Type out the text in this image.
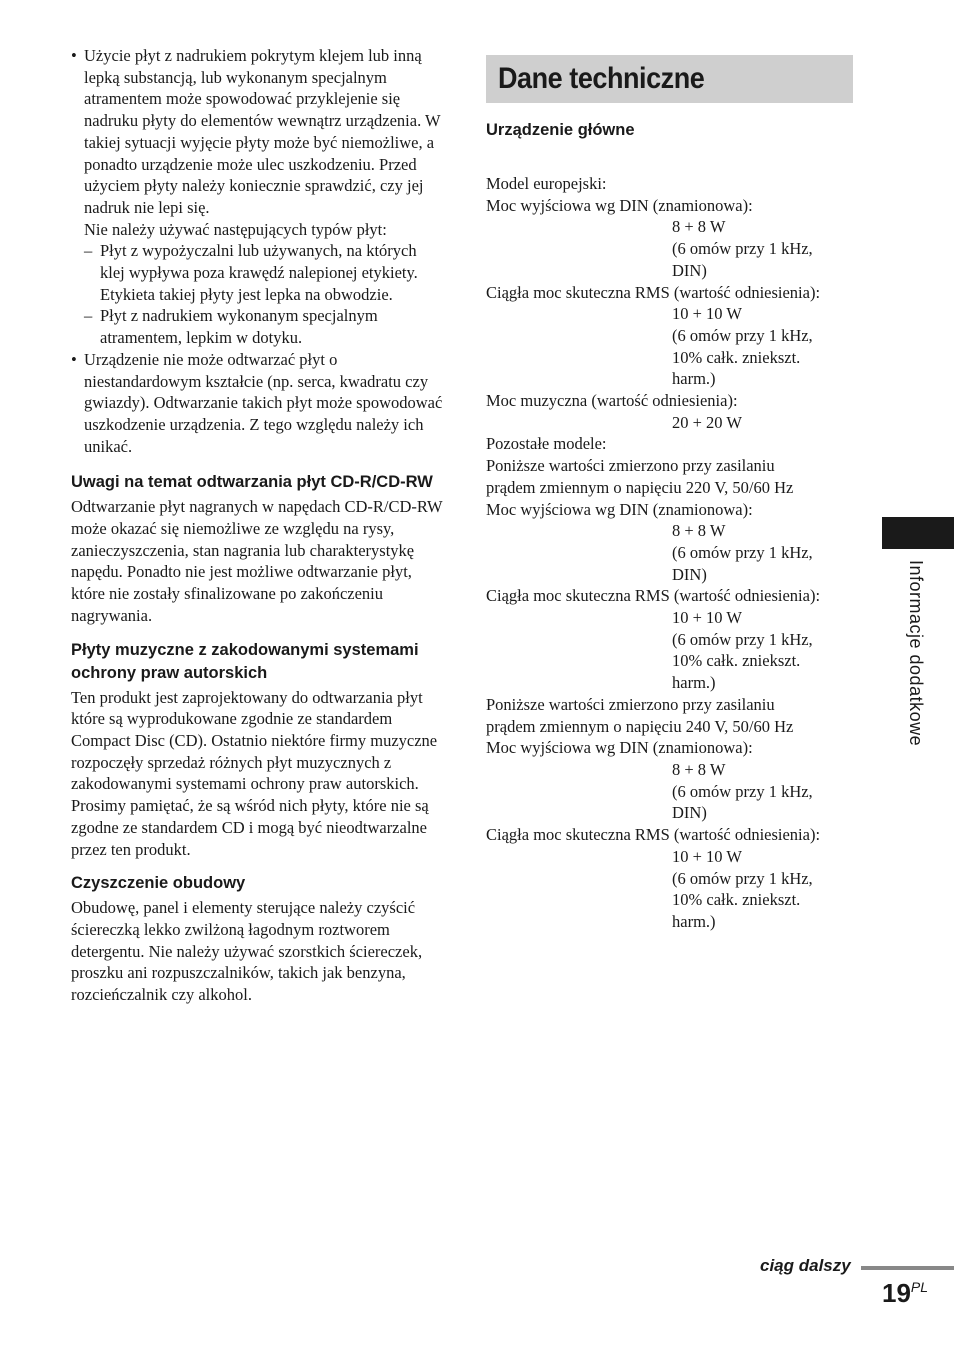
• Użycie płyt z nadrukiem pokrytym klejem lub inną lepką substancją, lub wykonanym specjalnym atramentem może spowodować przyklejenie się nadruku płyty do elementów wewnątrz urządzenia. W takiej sytuacji wyjęcie płyty może być niemożliwe, a ponadto urządzenie może ulec uszkodzeniu. Przed użyciem płyty należy koniecznie sprawdzić, czy jej nadruk nie lepi się.

Nie należy używać następujących typów płyt:

– Płyt z wypożyczalni lub używanych, na których klej wypływa poza krawędź nalepionej etykiety. Etykieta takiej płyty jest lepka na obwodzie.

– Płyt z nadrukiem wykonanym specjalnym atramentem, lepkim w dotyku.

• Urządzenie nie może odtwarzać płyt o niestandardowym kształcie (np. serca, kwadratu czy gwiazdy). Odtwarzanie takich płyt może spowodować uszkodzenie urządzenia. Z tego względu należy ich unikać.

Uwagi na temat odtwarzania płyt CD-R/CD-RW

Odtwarzanie płyt nagranych w napędach CD-R/CD-RW może okazać się niemożliwe ze względu na rysy, zanieczyszczenia, stan nagrania lub charakterystykę napędu. Ponadto nie jest możliwe odtwarzanie płyt, które nie zostały sfinalizowane po zakończeniu nagrywania.

Płyty muzyczne z zakodowanymi systemami ochrony praw autorskich

Ten produkt jest zaprojektowany do odtwarzania płyt które są wyprodukowane zgodnie ze standardem Compact Disc (CD). Ostatnio niektóre firmy muzyczne rozpoczęły sprzedaż różnych płyt muzycznych z zakodowanymi systemami ochrony praw autorskich. Prosimy pamiętać, że są wśród nich płyty, które nie są zgodne ze standardem CD i mogą być nieodtwarzalne przez ten produkt.

Czyszczenie obudowy

Obudowę, panel i elementy sterujące należy czyścić ściereczką lekko zwilżoną łagodnym roztworem detergentu. Nie należy używać szorstkich ściereczek, proszku ani rozpuszczalników, takich jak benzyna, rozcieńczalnik czy alkohol.

Dane techniczne
Urządzenie główne
Model europejski:
Moc wyjściowa wg DIN (znamionowa):
8 + 8 W
(6 omów przy 1 kHz,
DIN)
Ciągła moc skuteczna RMS (wartość odniesienia):
10 + 10 W
(6 omów przy 1 kHz,
10% całk. zniekszt.
harm.)
Moc muzyczna (wartość odniesienia):
20 + 20 W
Pozostałe modele:
Poniższe wartości zmierzono przy zasilaniu
prądem zmiennym o napięciu 220 V, 50/60 Hz
Moc wyjściowa wg DIN (znamionowa):
8 + 8 W
(6 omów przy 1 kHz,
DIN)
Ciągła moc skuteczna RMS (wartość odniesienia):
10 + 10 W
(6 omów przy 1 kHz,
10% całk. zniekszt.
harm.)
Poniższe wartości zmierzono przy zasilaniu
prądem zmiennym o napięciu 240 V, 50/60 Hz
Moc wyjściowa wg DIN (znamionowa):
8 + 8 W
(6 omów przy 1 kHz,
DIN)
Ciągła moc skuteczna RMS (wartość odniesienia):
10 + 10 W
(6 omów przy 1 kHz,
10% całk. zniekszt.
harm.)
Informacje dodatkowe
ciąg dalszy
$19^{PL}$
